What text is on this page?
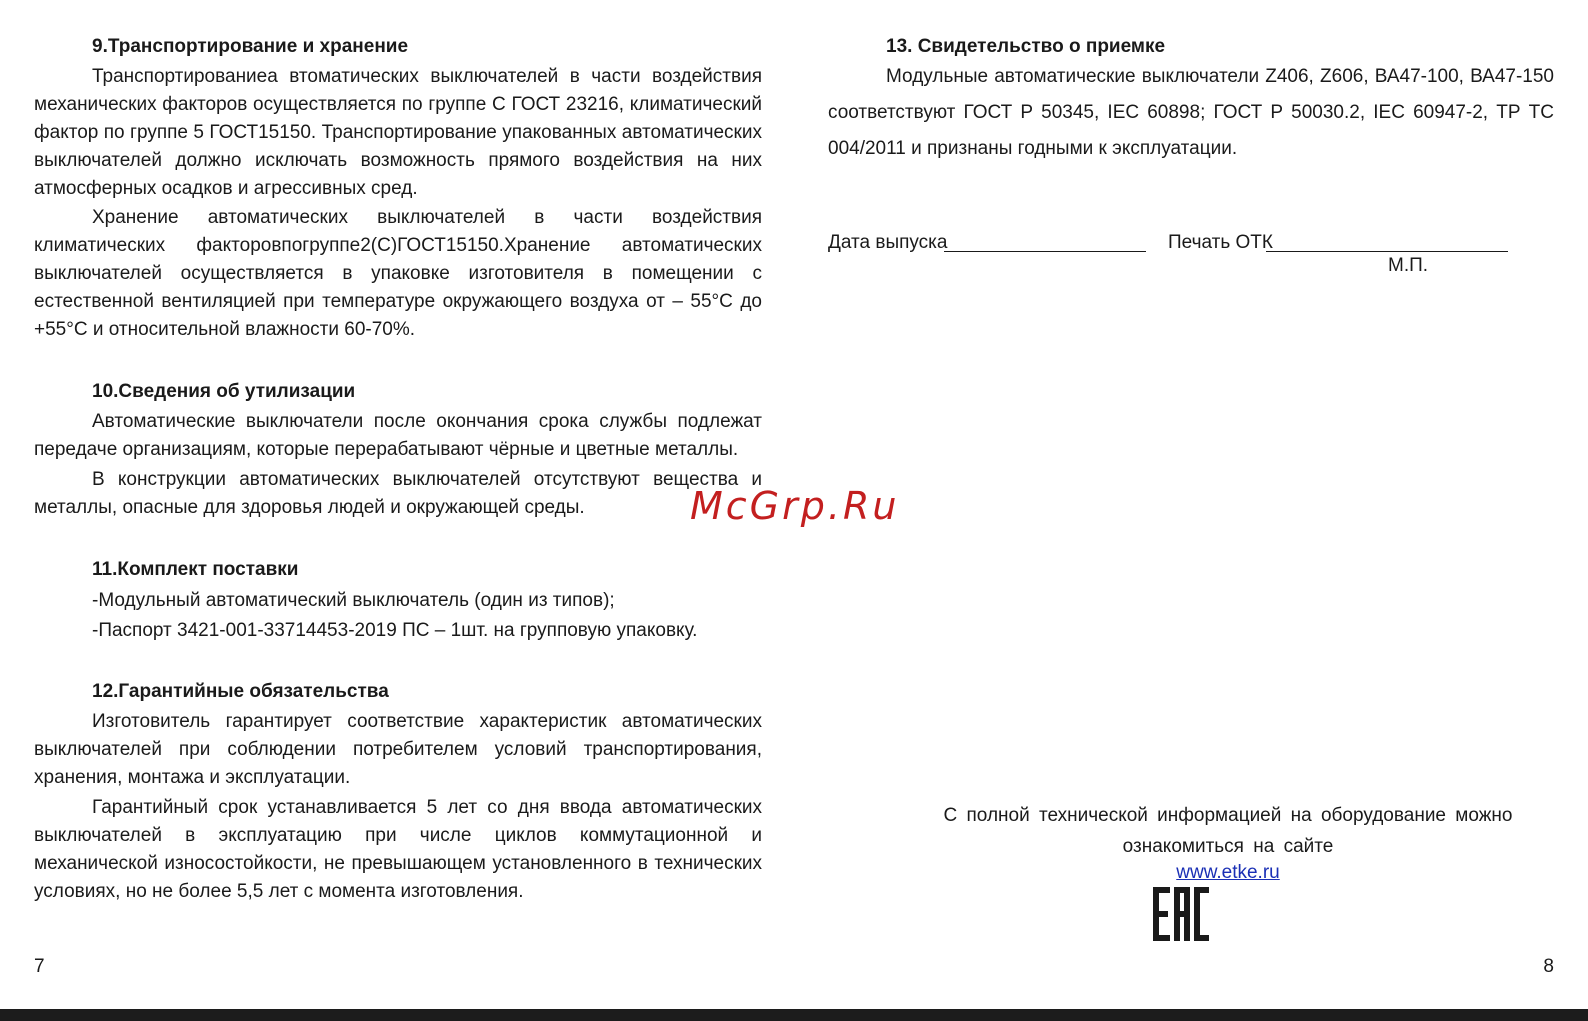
9.Транспортирование и хранение

Транспортированиеа втоматических выключателей в части воздействия механических факторов осуществляется по группе С ГОСТ 23216, климатический фактор по группе 5 ГОСТ15150. Транспортирование упакованных автоматических выключателей должно исключать возможность прямого воздействия на них атмосферных осадков и агрессивных сред.

Хранение автоматических выключателей в части воздействия климатических факторовпогруппе2(С)ГОСТ15150.Хранение автоматических выключателей осуществляется в упаковке изготовителя в помещении с естественной вентиляцией при температуре окружающего воздуха от – 55°С до +55°С и относительной влажности 60-70%.

10.Сведения об утилизации

Автоматические выключатели после окончания срока службы подлежат передаче организациям, которые перерабатывают чёрные и цветные металлы.

В конструкции автоматических выключателей отсутствуют вещества и металлы, опасные для здоровья людей и окружающей среды.

11.Комплект поставки

-Модульный автоматический выключатель (один из типов);

-Паспорт 3421-001-33714453-2019 ПС – 1шт. на групповую упаковку.

12.Гарантийные обязательства

Изготовитель гарантирует соответствие характеристик автоматических выключателей при соблюдении потребителем условий транспортирования, хранения, монтажа и эксплуатации.

Гарантийный срок устанавливается 5 лет со дня ввода автоматических выключателей в эксплуатацию при числе циклов коммутационной и механической износостойкости, не превышающем установленного в технических условиях, но не более 5,5 лет с момента изготовления.

7
13. Свидетельство о приемке

Модульные автоматические выключатели Z406, Z606, ВА47-100, ВА47-150 соответствуют ГОСТ Р 50345, IEC 60898; ГОСТ Р 50030.2, IEC 60947-2, ТР ТС 004/2011 и признаны годными к эксплуатации.

Дата выпуска	Печать ОТК
М.П.

С полной технической информацией на оборудование можно ознакомиться на сайте

www.etke.ru
8
McGrp.Ru
